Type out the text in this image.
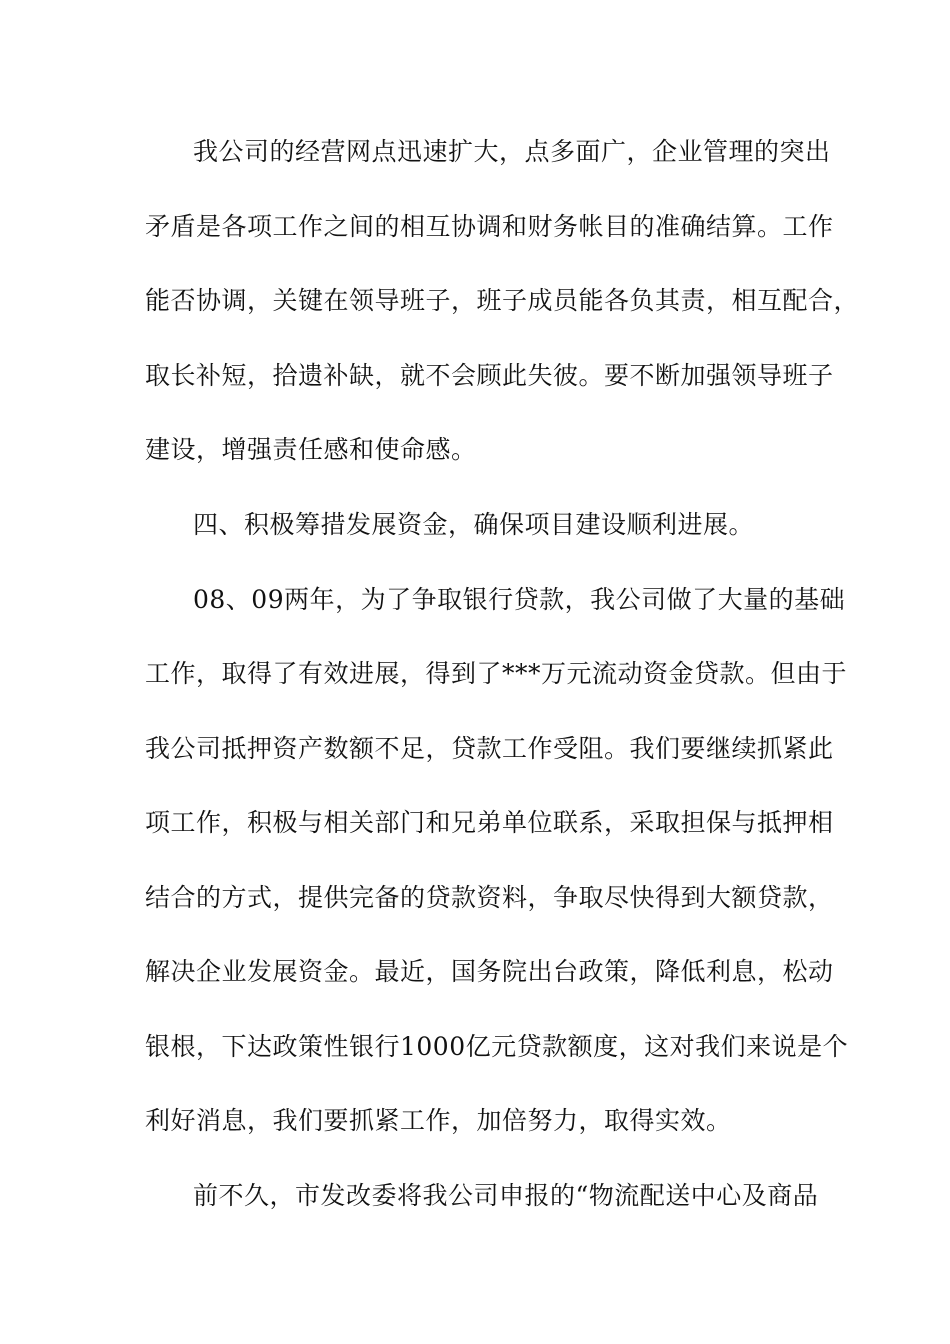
我公司的经营网点迅速扩大，点多面广，企业管理的突出
矛盾是各项工作之间的相互协调和财务帐目的准确结算。工作
能否协调，关键在领导班子，班子成员能各负其责，相互配合，
取长补短，拾遗补缺，就不会顾此失彼。要不断加强领导班子
建设，增强责任感和使命感。
四、积极筹措发展资金，确保项目建设顺利进展。
08、09两年，为了争取银行贷款，我公司做了大量的基础
工作，取得了有效进展，得到了***万元流动资金贷款。但由于
我公司抵押资产数额不足，贷款工作受阻。我们要继续抓紧此
项工作，积极与相关部门和兄弟单位联系，采取担保与抵押相
结合的方式，提供完备的贷款资料，争取尽快得到大额贷款，
解决企业发展资金。最近，国务院出台政策，降低利息，松动
银根，下达政策性银行1000亿元贷款额度，这对我们来说是个
利好消息，我们要抓紧工作，加倍努力，取得实效。
前不久，市发改委将我公司申报的“物流配送中心及商品
